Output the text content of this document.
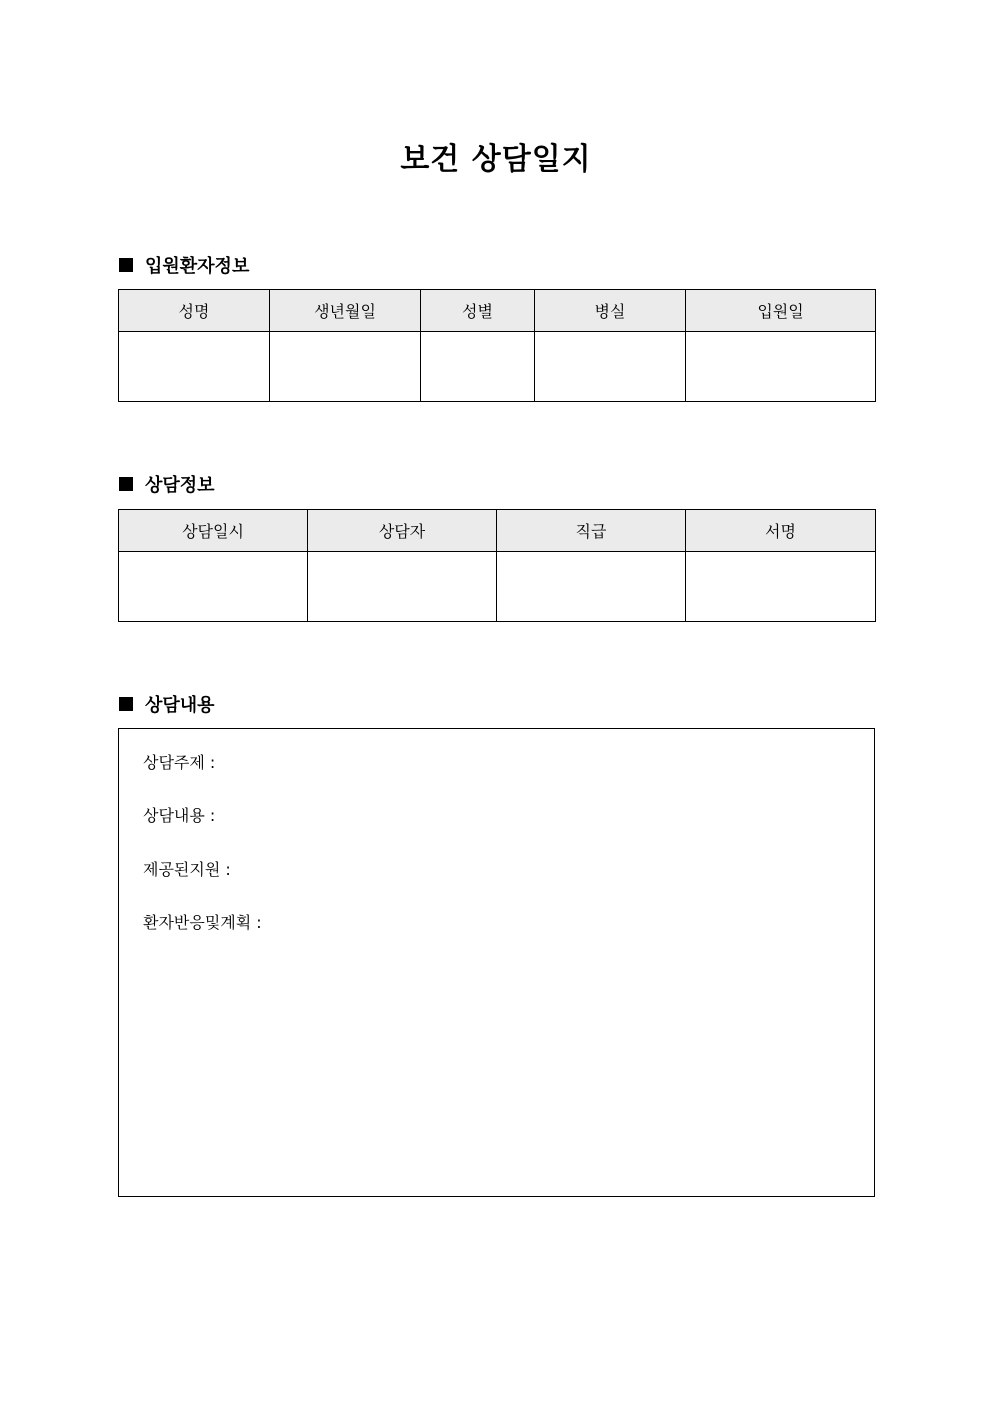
보건 상담일지
입원환자정보
성명	생년월일	성별	병실	입원일

상담정보
상담일시	상담자	직급	서명

상담내용
상담주제 :
상담내용 :
제공된지원 :
환자반응및계획 :
